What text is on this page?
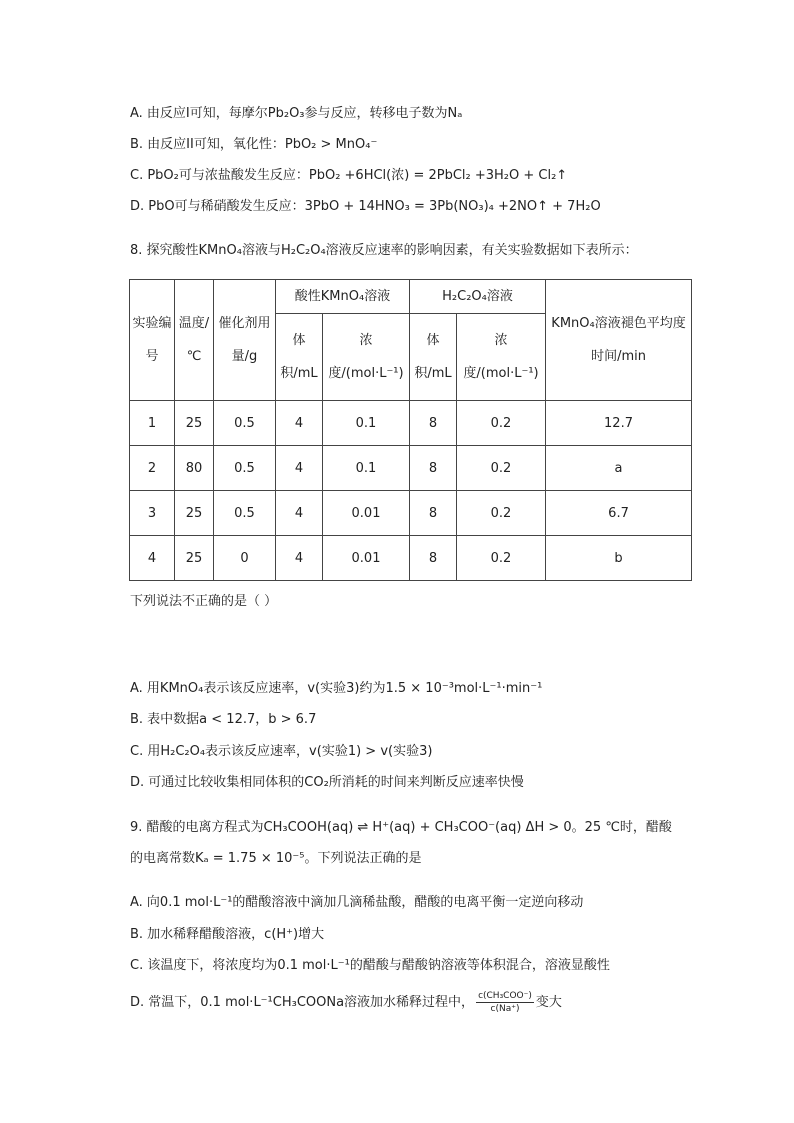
A. 由反应I可知，每摩尔Pb₂O₃参与反应，转移电子数为Nₐ
B. 由反应II可知，氧化性：PbO₂ > MnO₄⁻
C. PbO₂可与浓盐酸发生反应：PbO₂ +6HCl(浓) = 2PbCl₂ +3H₂O + Cl₂↑
D. PbO可与稀硝酸发生反应：3PbO + 14HNO₃ = 3Pb(NO₃)₄ +2NO↑ + 7H₂O
8. 探究酸性KMnO₄溶液与H₂C₂O₄溶液反应速率的影响因素，有关实验数据如下表所示：
实验编号	温度/℃	催化剂用量/g	酸性KMnO₄溶液		H₂C₂O₄溶液		KMnO₄溶液褪色平均度时间/min
			体积/mL	浓度/(mol·L⁻¹)	体积/mL	浓度/(mol·L⁻¹)	
1	25	0.5	4	0.1	8	0.2	12.7
2	80	0.5	4	0.1	8	0.2	a
3	25	0.5	4	0.01	8	0.2	6.7
4	25	0	4	0.01	8	0.2	b
下列说法不正确的是（ ）
A. 用KMnO₄表示该反应速率，v(实验3)约为1.5 × 10⁻³mol·L⁻¹·min⁻¹
B. 表中数据a < 12.7，b > 6.7
C. 用H₂C₂O₄表示该反应速率，v(实验1) > v(实验3)
D. 可通过比较收集相同体积的CO₂所消耗的时间来判断反应速率快慢
9. 醋酸的电离方程式为CH₃COOH(aq) ⇌ H⁺(aq) + CH₃COO⁻(aq) ΔH > 0。25 ℃时，醋酸
的电离常数Kₐ = 1.75 × 10⁻⁵。下列说法正确的是
A. 向0.1 mol·L⁻¹的醋酸溶液中滴加几滴稀盐酸，醋酸的电离平衡一定逆向移动
B. 加水稀释醋酸溶液，c(H⁺)增大
C. 该温度下，将浓度均为0.1 mol·L⁻¹的醋酸与醋酸钠溶液等体积混合，溶液显酸性
D. 常温下，0.1 mol·L⁻¹CH₃COONa溶液加水稀释过程中， $\frac{\text{c(CH₃COO⁻)}}{c(Na^+)}$ 变大
